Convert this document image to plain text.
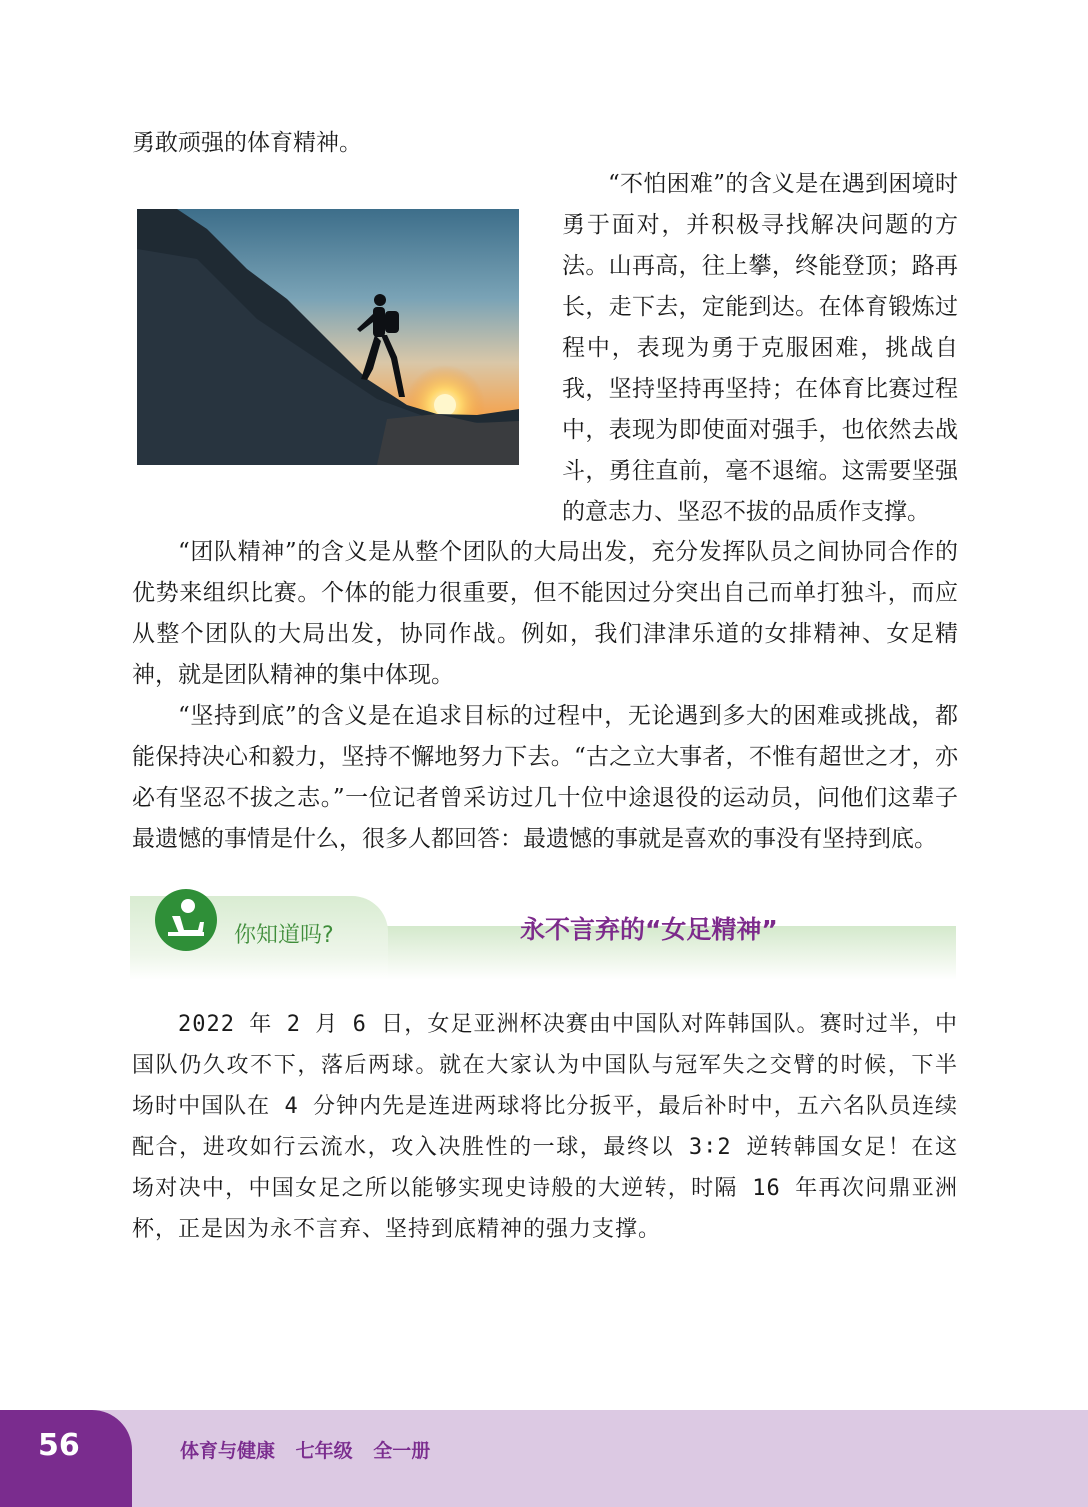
勇敢顽强的体育精神。

“不怕困难”的含义是在遇到困境时勇于面对，并积极寻找解决问题的方法。山再高，往上攀，终能登顶；路再长，走下去，定能到达。在体育锻炼过程中，表现为勇于克服困难，挑战自我，坚持坚持再坚持；在体育比赛过程中，表现为即使面对强手，也依然去战斗，勇往直前，毫不退缩。这需要坚强的意志力、坚忍不拔的品质作支撑。

“团队精神”的含义是从整个团队的大局出发，充分发挥队员之间协同合作的优势来组织比赛。个体的能力很重要，但不能因过分突出自己而单打独斗，而应从整个团队的大局出发，协同作战。例如，我们津津乐道的女排精神、女足精神，就是团队精神的集中体现。

“坚持到底”的含义是在追求目标的过程中，无论遇到多大的困难或挑战，都能保持决心和毅力，坚持不懈地努力下去。“古之立大事者，不惟有超世之才，亦必有坚忍不拔之志。”一位记者曾采访过几十位中途退役的运动员，问他们这辈子最遗憾的事情是什么，很多人都回答：最遗憾的事就是喜欢的事没有坚持到底。

你知道吗?	永不言弃的“女足精神”

2022 年 2 月 6 日，女足亚洲杯决赛由中国队对阵韩国队。赛时过半，中国队仍久攻不下，落后两球。就在大家认为中国队与冠军失之交臂的时候，下半场时中国队在 4 分钟内先是连进两球将比分扳平，最后补时中，五六名队员连续配合，进攻如行云流水，攻入决胜性的一球，最终以 3∶2 逆转韩国女足！在这场对决中，中国女足之所以能够实现史诗般的大逆转，时隔 16 年再次问鼎亚洲杯，正是因为永不言弃、坚持到底精神的强力支撑。

56	体育与健康 七年级 全一册
